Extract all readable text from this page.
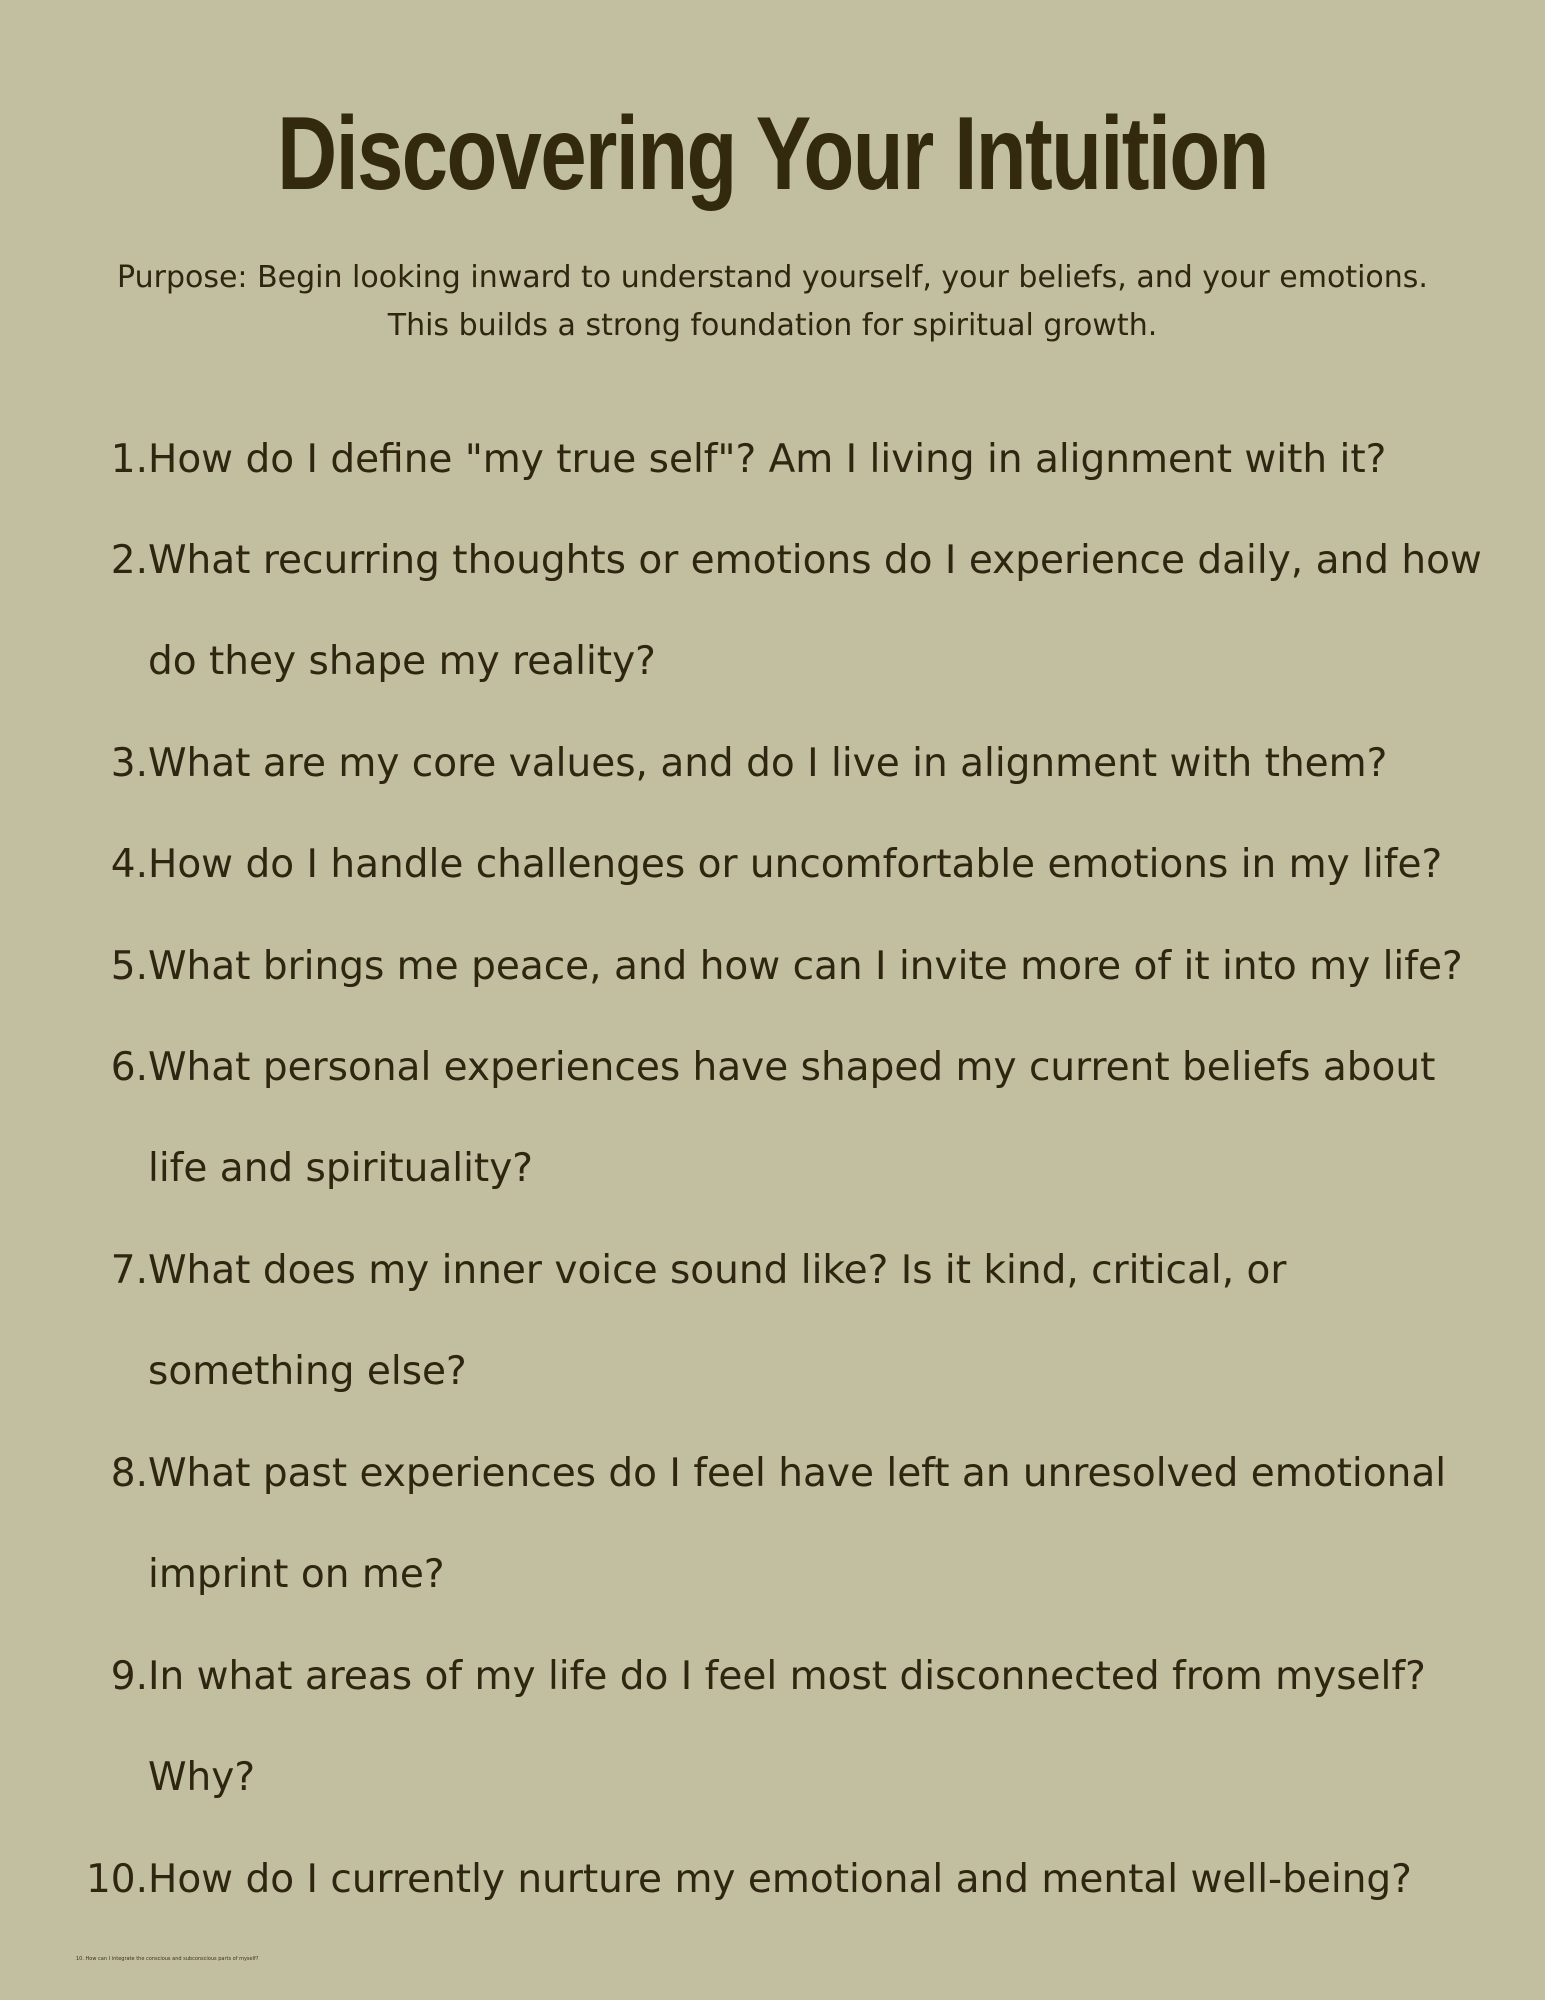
Discovering Your Intuition
Purpose: Begin looking inward to understand yourself, your beliefs, and your emotions.
This builds a strong foundation for spiritual growth.
1. How do I define "my true self"? Am I living in alignment with it?
2. What recurring thoughts or emotions do I experience daily, and how do they shape my reality?
3. What are my core values, and do I live in alignment with them?
4. How do I handle challenges or uncomfortable emotions in my life?
5. What brings me peace, and how can I invite more of it into my life?
6. What personal experiences have shaped my current beliefs about life and spirituality?
7. What does my inner voice sound like? Is it kind, critical, or something else?
8. What past experiences do I feel have left an unresolved emotional imprint on me?
9. In what areas of my life do I feel most disconnected from myself? Why?
10. How do I currently nurture my emotional and mental well-being?
10. How can I integrate the conscious and subconscious parts of myself?
